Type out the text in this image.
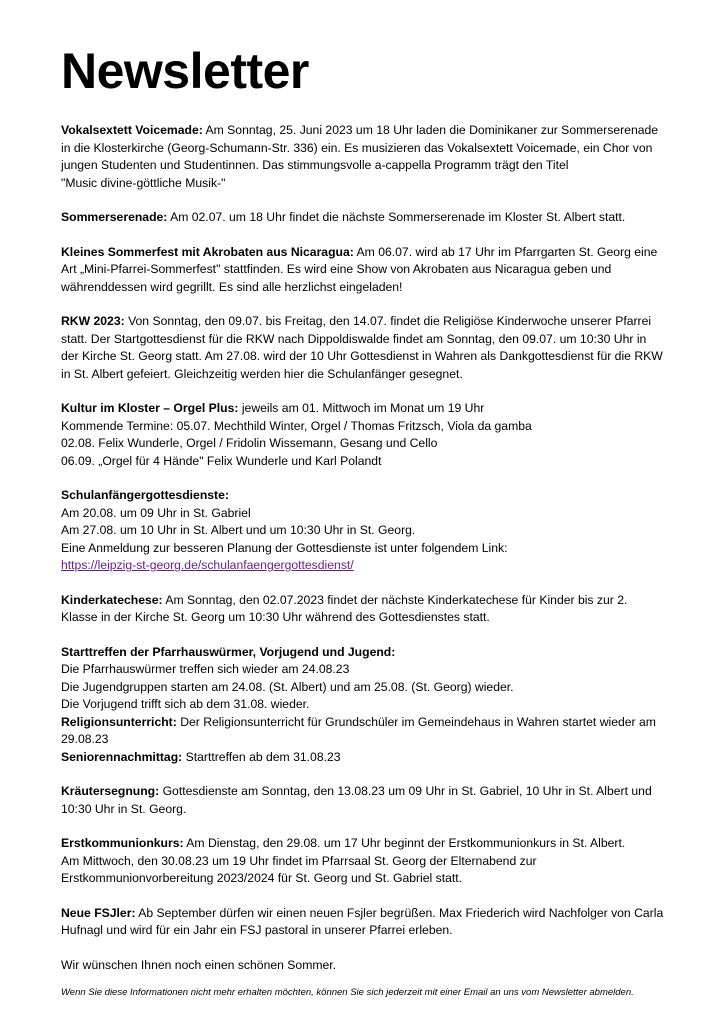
Newsletter

Vokalsextett Voicemade: Am Sonntag, 25. Juni 2023 um 18 Uhr laden die Dominikaner zur Sommerserenade in die Klosterkirche (Georg-Schumann-Str. 336) ein. Es musizieren das Vokalsextett Voicemade, ein Chor von jungen Studenten und Studentinnen. Das stimmungsvolle a-cappella Programm trägt den Titel

"Music divine-göttliche Musik-"

Sommerserenade: Am 02.07. um 18 Uhr findet die nächste Sommerserenade im Kloster St. Albert statt.

Kleines Sommerfest mit Akrobaten aus Nicaragua: Am 06.07. wird ab 17 Uhr im Pfarrgarten St. Georg eine Art „Mini-Pfarrei-Sommerfest" stattfinden. Es wird eine Show von Akrobaten aus Nicaragua geben und währenddessen wird gegrillt. Es sind alle herzlichst eingeladen!

RKW 2023: Von Sonntag, den 09.07. bis Freitag, den 14.07. findet die Religiöse Kinderwoche unserer Pfarrei statt. Der Startgottesdienst für die RKW nach Dippoldiswalde findet am Sonntag, den 09.07. um 10:30 Uhr in der Kirche St. Georg statt. Am 27.08. wird der 10 Uhr Gottesdienst in Wahren als Dankgottesdienst für die RKW in St. Albert gefeiert. Gleichzeitig werden hier die Schulanfänger gesegnet.

Kultur im Kloster – Orgel Plus: jeweils am 01. Mittwoch im Monat um 19 Uhr

Kommende Termine: 05.07. Mechthild Winter, Orgel / Thomas Fritzsch, Viola da gamba
02.08. Felix Wunderle, Orgel / Fridolin Wissemann, Gesang und Cello
06.09. „Orgel für 4 Hände" Felix Wunderle und Karl Polandt
Schulanfängergottesdienste:
Am 20.08. um 09 Uhr in St. Gabriel
Am 27.08. um 10 Uhr in St. Albert und um 10:30 Uhr in St. Georg.
Eine Anmeldung zur besseren Planung der Gottesdienste ist unter folgendem Link:
https://leipzig-st-georg.de/schulanfaengergottesdienst/

Kinderkatechese: Am Sonntag, den 02.07.2023 findet der nächste Kinderkatechese für Kinder bis zur 2. Klasse in der Kirche St. Georg um 10:30 Uhr während des Gottesdienstes statt.

Starttreffen der Pfarrhauswürmer, Vorjugend und Jugend:
Die Pfarrhauswürmer treffen sich wieder am 24.08.23
Die Jugendgruppen starten am 24.08. (St. Albert) und am 25.08. (St. Georg) wieder.
Die Vorjugend trifft sich ab dem 31.08. wieder.

Religionsunterricht: Der Religionsunterricht für Grundschüler im Gemeindehaus in Wahren startet wieder am 29.08.23

Seniorennachmittag: Starttreffen ab dem 31.08.23

Kräutersegnung: Gottesdienste am Sonntag, den 13.08.23 um 09 Uhr in St. Gabriel, 10 Uhr in St. Albert und 10:30 Uhr in St. Georg.

Erstkommunionkurs: Am Dienstag, den 29.08. um 17 Uhr beginnt der Erstkommunionkurs in St. Albert.

Am Mittwoch, den 30.08.23 um 19 Uhr findet im Pfarrsaal St. Georg der Elternabend zur Erstkommunionvorbereitung 2023/2024 für St. Georg und St. Gabriel statt.

Neue FSJler: Ab September dürfen wir einen neuen Fsjler begrüßen. Max Friederich wird Nachfolger von Carla Hufnagl und wird für ein Jahr ein FSJ pastoral in unserer Pfarrei erleben.

Wir wünschen Ihnen noch einen schönen Sommer.

Wenn Sie diese Informationen nicht mehr erhalten möchten, können Sie sich jederzeit mit einer Email an uns vom Newsletter abmelden.
